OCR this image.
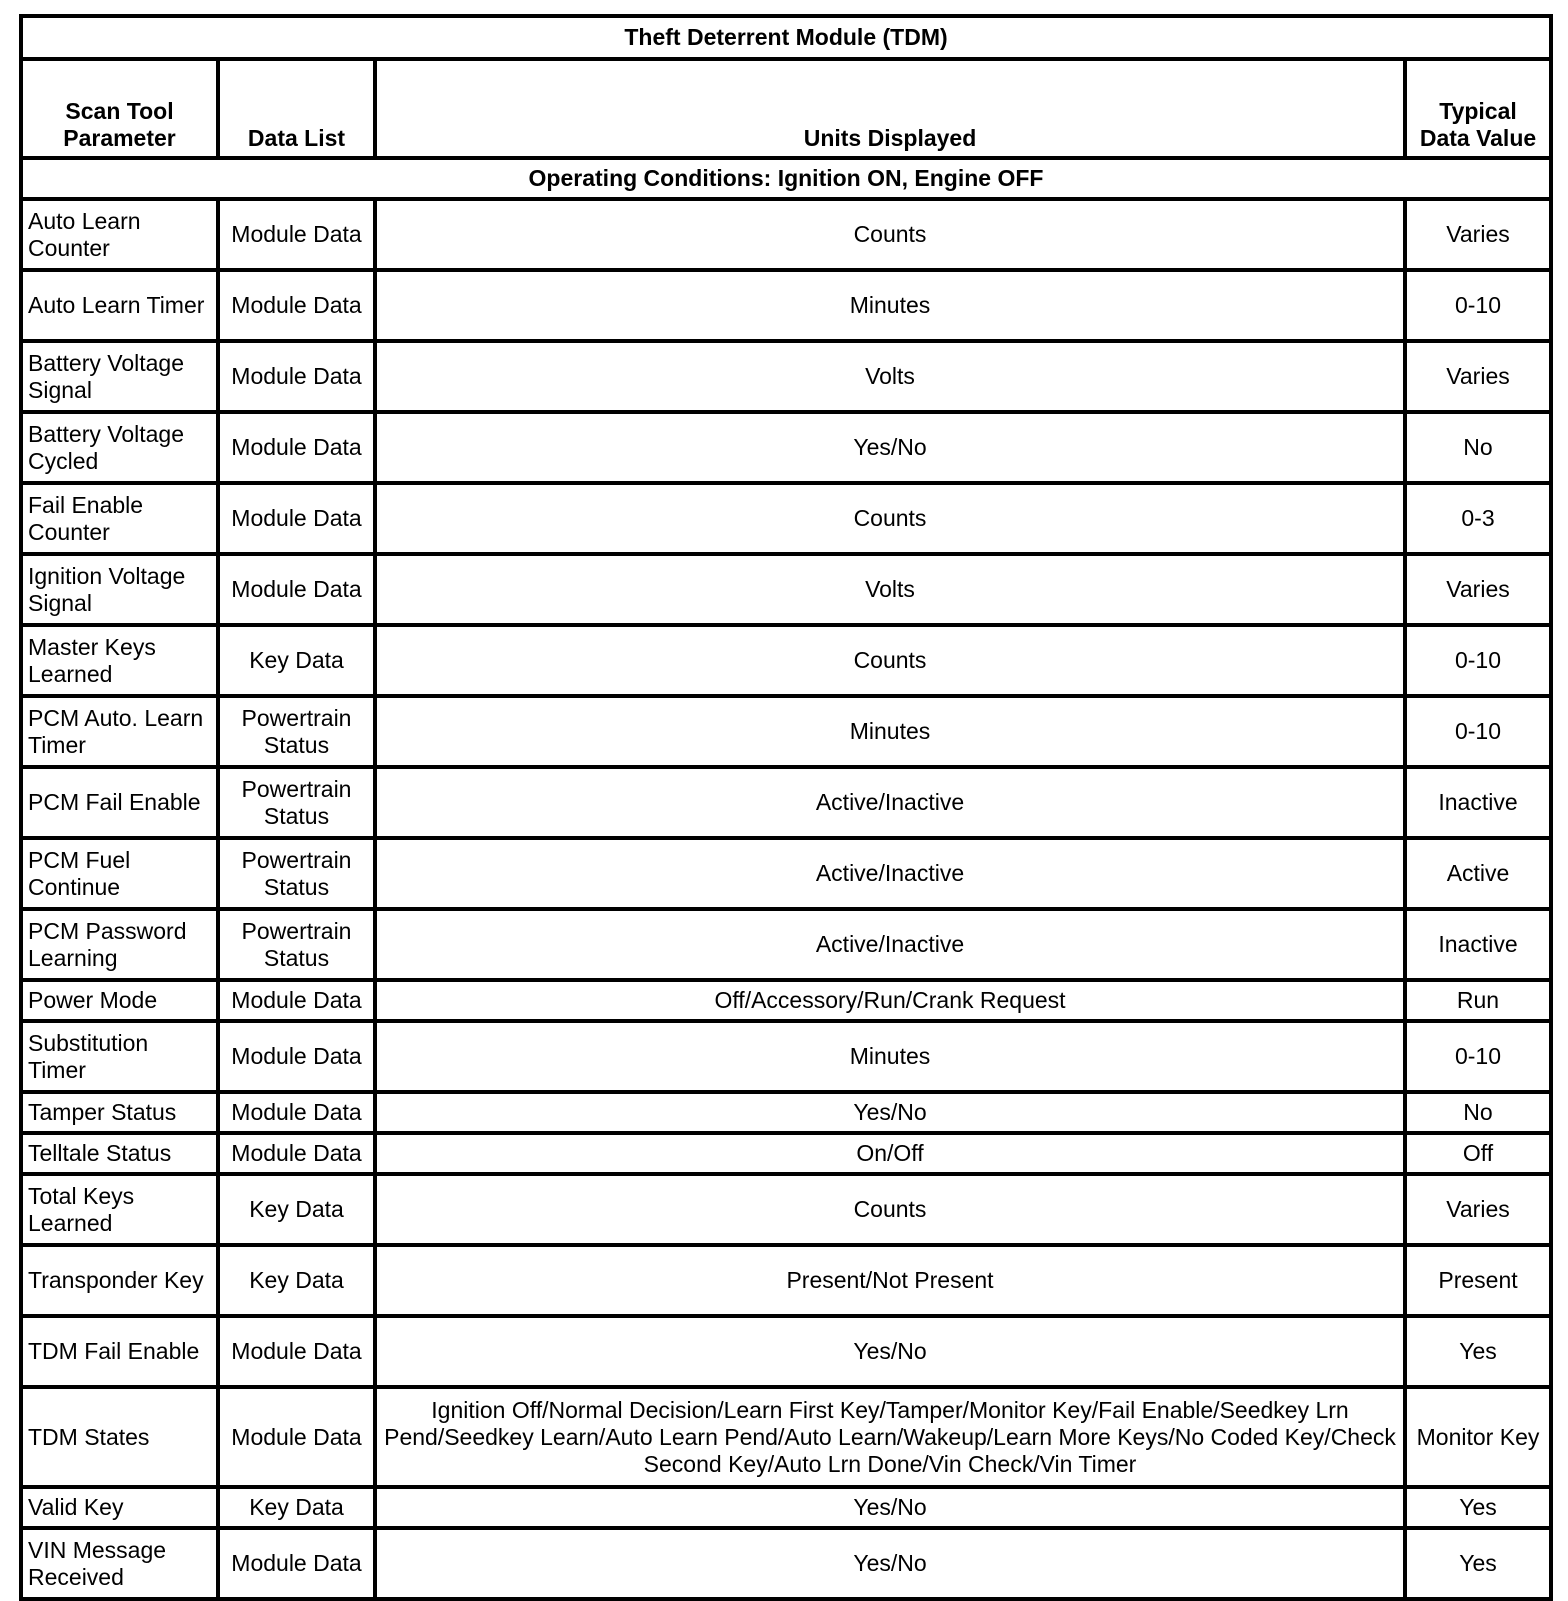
Theft Deterrent Module (TDM)			
Scan Tool Parameter	Data List	Units Displayed	Typical Data Value
Operating Conditions: Ignition ON, Engine OFF			
Auto Learn Counter	Module Data	Counts	Varies
Auto Learn Timer	Module Data	Minutes	0-10
Battery Voltage Signal	Module Data	Volts	Varies
Battery Voltage Cycled	Module Data	Yes/No	No
Fail Enable Counter	Module Data	Counts	0-3
Ignition Voltage Signal	Module Data	Volts	Varies
Master Keys Learned	Key Data	Counts	0-10
PCM Auto. Learn Timer	Powertrain Status	Minutes	0-10
PCM Fail Enable	Powertrain Status	Active/Inactive	Inactive
PCM Fuel Continue	Powertrain Status	Active/Inactive	Active
PCM Password Learning	Powertrain Status	Active/Inactive	Inactive
Power Mode	Module Data	Off/Accessory/Run/Crank Request	Run
Substitution Timer	Module Data	Minutes	0-10
Tamper Status	Module Data	Yes/No	No
Telltale Status	Module Data	On/Off	Off
Total Keys Learned	Key Data	Counts	Varies
Transponder Key	Key Data	Present/Not Present	Present
TDM Fail Enable	Module Data	Yes/No	Yes
TDM States	Module Data	Ignition Off/Normal Decision/Learn First Key/Tamper/Monitor Key/Fail Enable/Seedkey Lrn Pend/Seedkey Learn/Auto Learn Pend/Auto Learn/Wakeup/Learn More Keys/No Coded Key/Check Second Key/Auto Lrn Done/Vin Check/Vin Timer	Monitor Key
Valid Key	Key Data	Yes/No	Yes
VIN Message Received	Module Data	Yes/No	Yes
